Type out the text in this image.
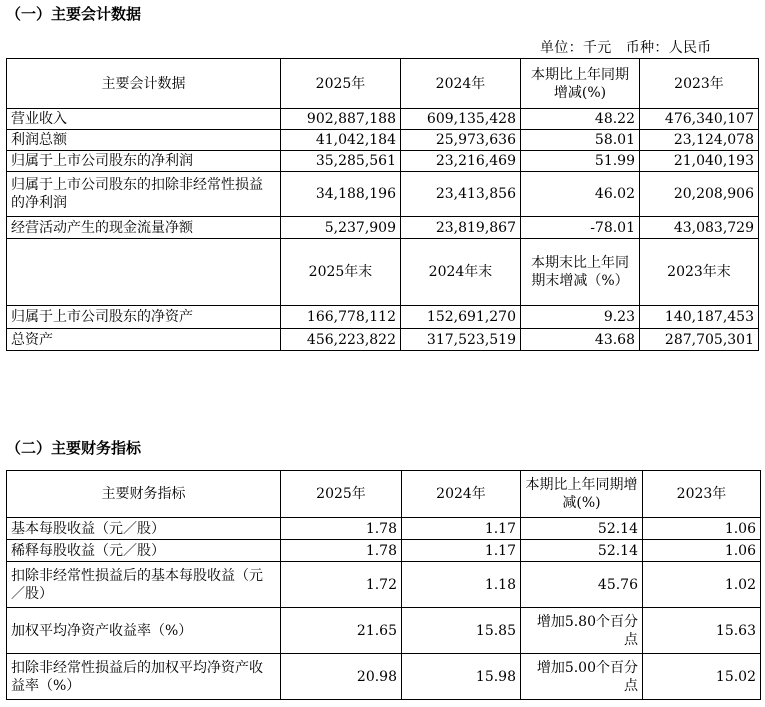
（一）主要会计数据
单位：千元　币种：人民币
主要会计数据	2025年	2024年	本期比上年同期增减(%)	2023年
营业收入	902,887,188	609,135,428	48.22	476,340,107
利润总额	41,042,184	25,973,636	58.01	23,124,078
归属于上市公司股东的净利润	35,285,561	23,216,469	51.99	21,040,193
归属于上市公司股东的扣除非经常性损益的净利润	34,188,196	23,413,856	46.02	20,208,906
经营活动产生的现金流量净额	5,237,909	23,819,867	-78.01	43,083,729
	2025年末	2024年末	本期末比上年同期末增减（%）	2023年末
归属于上市公司股东的净资产	166,778,112	152,691,270	9.23	140,187,453
总资产	456,223,822	317,523,519	43.68	287,705,301
（二）主要财务指标
主要财务指标	2025年	2024年	本期比上年同期增减(%)	2023年
基本每股收益（元／股）	1.78	1.17	52.14	1.06
稀释每股收益（元／股）	1.78	1.17	52.14	1.06
扣除非经常性损益后的基本每股收益（元／股）	1.72	1.18	45.76	1.02
加权平均净资产收益率（%）	21.65	15.85	增加5.80个百分点	15.63
扣除非经常性损益后的加权平均净资产收益率（%）	20.98	15.98	增加5.00个百分点	15.02
